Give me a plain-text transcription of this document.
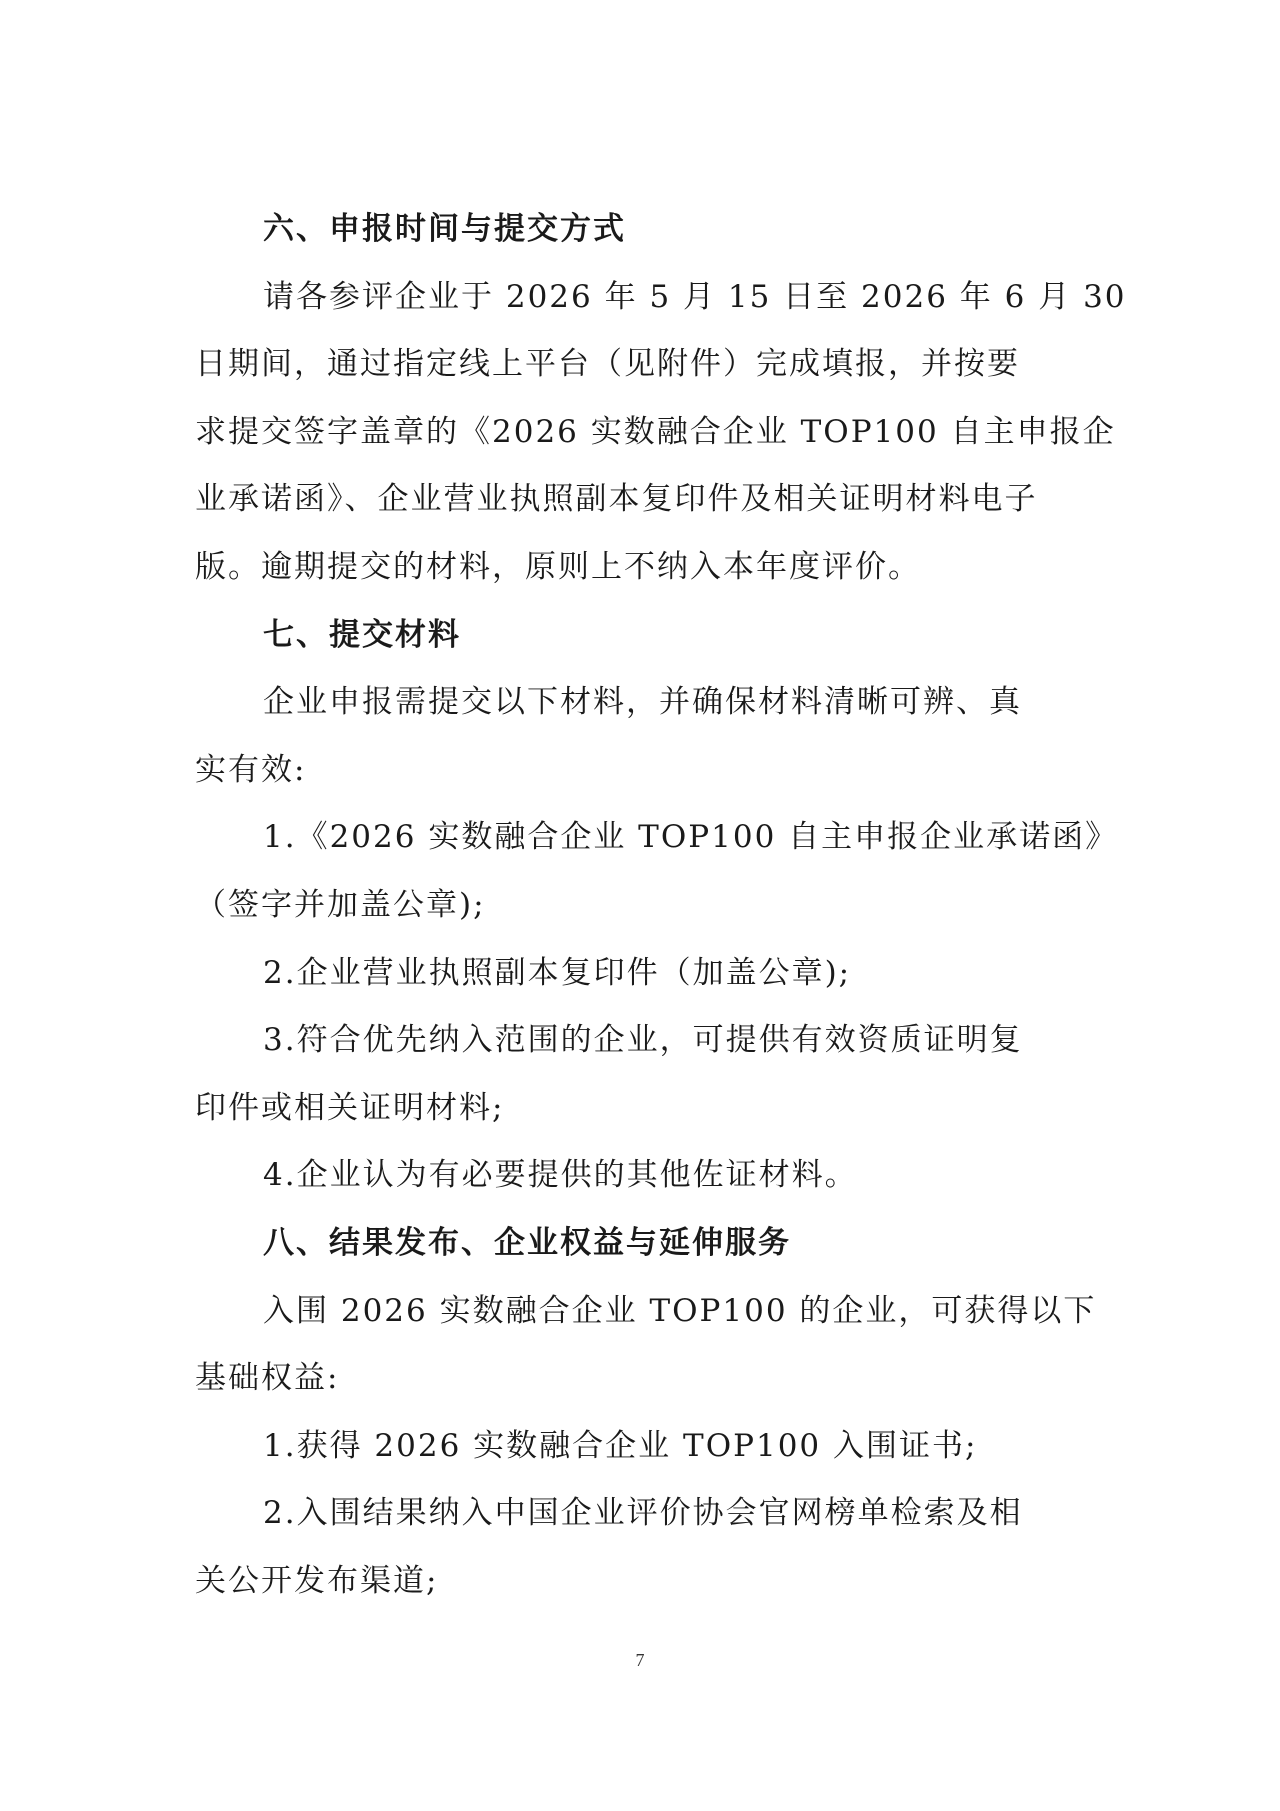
六、申报时间与提交方式
请各参评企业于 2026 年 5 月 15 日至 2026 年 6 月 30
日期间，通过指定线上平台（见附件）完成填报，并按要
求提交签字盖章的《2026 实数融合企业 TOP100 自主申报企
业承诺函》、企业营业执照副本复印件及相关证明材料电子
版。逾期提交的材料，原则上不纳入本年度评价。
七、提交材料
企业申报需提交以下材料，并确保材料清晰可辨、真
实有效:
1.《2026 实数融合企业 TOP100 自主申报企业承诺函》
（签字并加盖公章);
2.企业营业执照副本复印件（加盖公章);
3.符合优先纳入范围的企业，可提供有效资质证明复
印件或相关证明材料;
4.企业认为有必要提供的其他佐证材料。
八、结果发布、企业权益与延伸服务
入围 2026 实数融合企业 TOP100 的企业，可获得以下
基础权益:
1.获得 2026 实数融合企业 TOP100 入围证书;
2.入围结果纳入中国企业评价协会官网榜单检索及相
关公开发布渠道;
7
